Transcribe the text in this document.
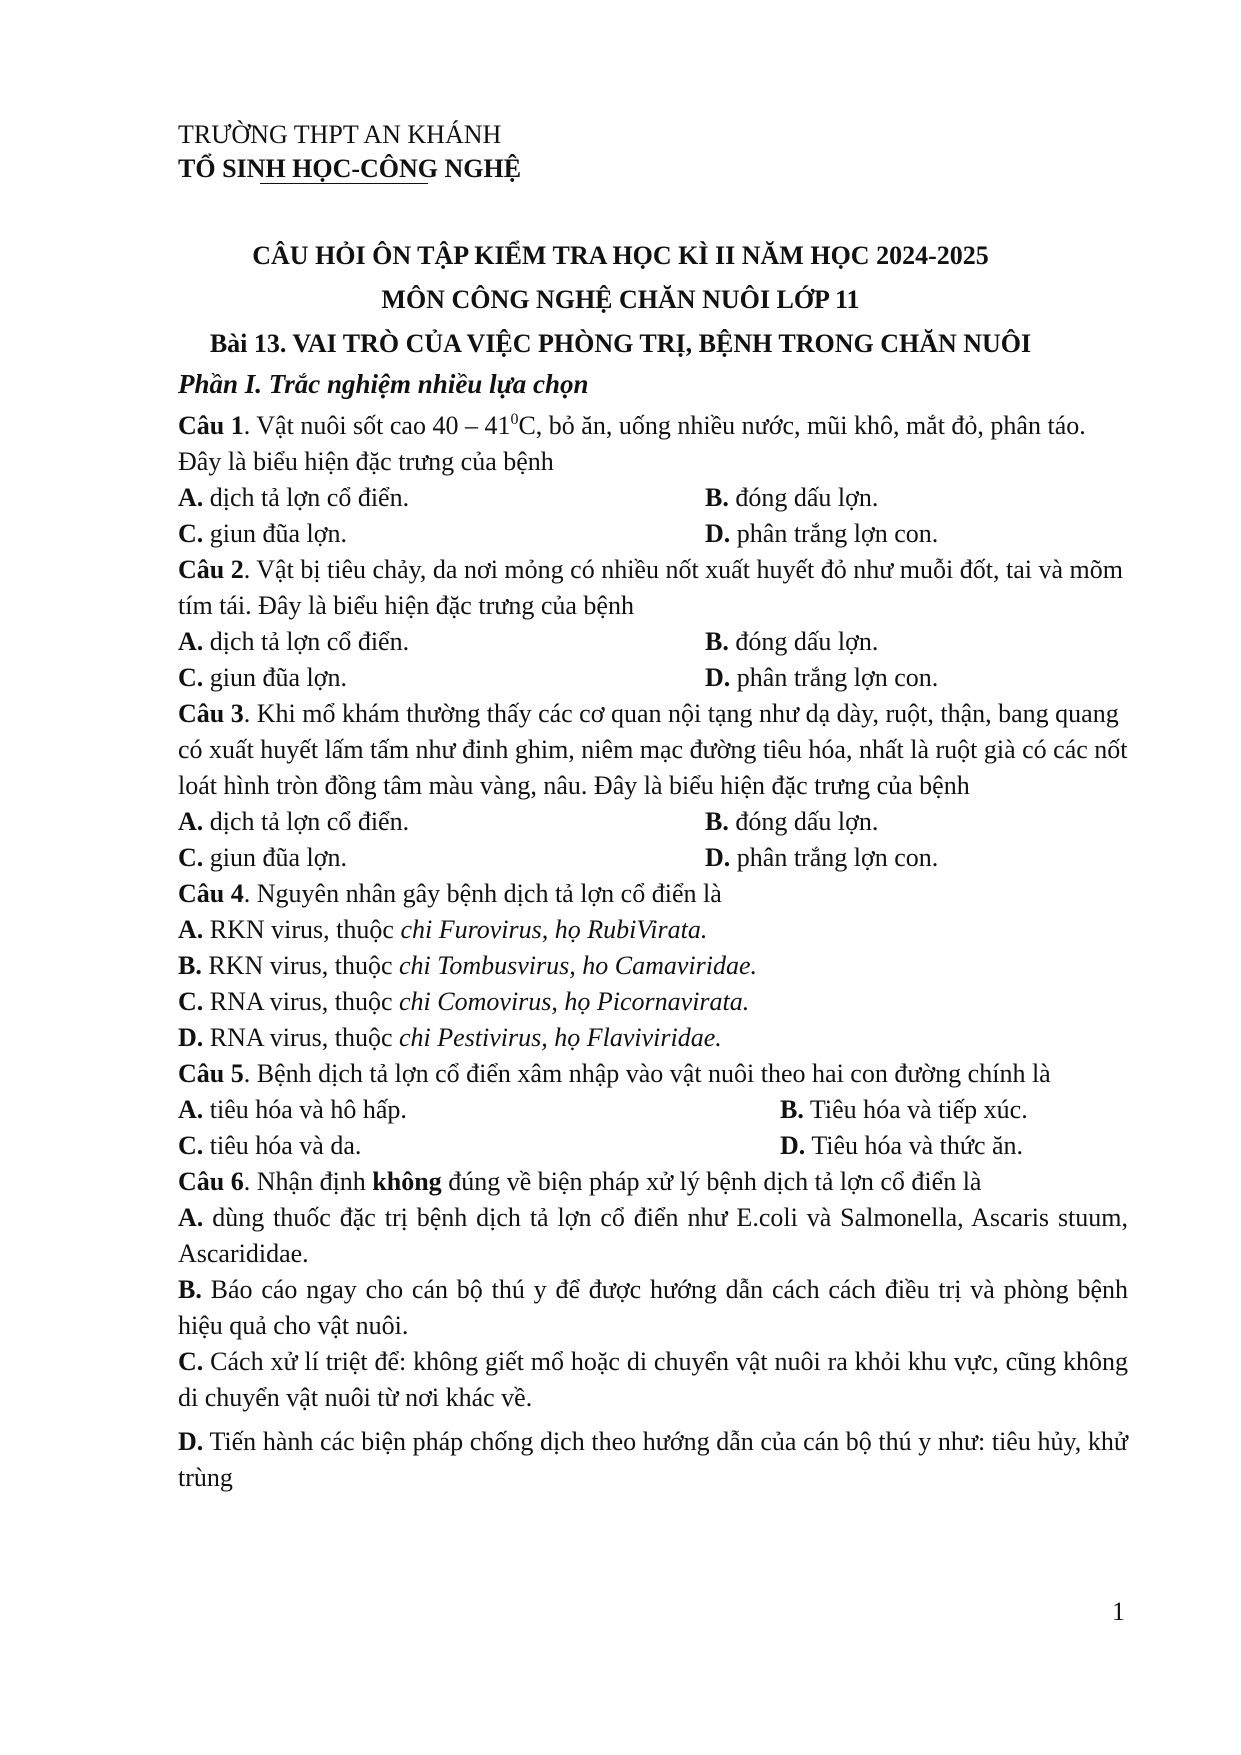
TRƯỜNG THPT AN KHÁNH
TỔ SINH HỌC-CÔNG NGHỆ
CÂU HỎI ÔN TẬP KIỂM TRA HỌC KÌ II NĂM HỌC 2024-2025
MÔN CÔNG NGHỆ CHĂN NUÔI LỚP 11
Bài 13. VAI TRÒ CỦA VIỆC PHÒNG TRỊ, BỆNH TRONG CHĂN NUÔI
Phần I. Trắc nghiệm nhiều lựa chọn
Câu 1. Vật nuôi sốt cao $40 - 41^0C$, bỏ ăn, uống nhiều nước, mũi khô, mắt đỏ, phân táo. Đây là biểu hiện đặc trưng của bệnh
A. dịch tả lợn cổ điển.	B. đóng dấu lợn.
C. giun đũa lợn.	D. phân trắng lợn con.
Câu 2. Vật bị tiêu chảy, da nơi mỏng có nhiều nốt xuất huyết đỏ như muỗi đốt, tai và mõm tím tái. Đây là biểu hiện đặc trưng của bệnh
A. dịch tả lợn cổ điển.	B. đóng dấu lợn.
C. giun đũa lợn.	D. phân trắng lợn con.
Câu 3. Khi mổ khám thường thấy các cơ quan nội tạng như dạ dày, ruột, thận, bang quang có xuất huyết lấm tấm như đinh ghim, niêm mạc đường tiêu hóa, nhất là ruột già có các nốt loát hình tròn đồng tâm màu vàng, nâu. Đây là biểu hiện đặc trưng của bệnh
A. dịch tả lợn cổ điển.	B. đóng dấu lợn.
C. giun đũa lợn.	D. phân trắng lợn con.
Câu 4. Nguyên nhân gây bệnh dịch tả lợn cổ điển là
A. RKN virus, thuộc chi Furovirus, họ RubiVirata.
B. RKN virus, thuộc chi Tombusvirus, ho Camaviridae.
C. RNA virus, thuộc chi Comovirus, họ Picornavirata.
D. RNA virus, thuộc chi Pestivirus, họ Flaviviridae.
Câu 5. Bệnh dịch tả lợn cổ điển xâm nhập vào vật nuôi theo hai con đường chính là
A. tiêu hóa và hô hấp.	B. Tiêu hóa và tiếp xúc.
C. tiêu hóa và da.	D. Tiêu hóa và thức ăn.
Câu 6. Nhận định không đúng về biện pháp xử lý bệnh dịch tả lợn cổ điển là
A. dùng thuốc đặc trị bệnh dịch tả lợn cổ điển như E.coli và Salmonella, Ascaris stuum, Ascarididae.
B. Báo cáo ngay cho cán bộ thú y để được hướng dẫn cách cách điều trị và phòng bệnh hiệu quả cho vật nuôi.
C. Cách xử lí triệt để: không giết mổ hoặc di chuyển vật nuôi ra khỏi khu vực, cũng không di chuyển vật nuôi từ nơi khác về.
D. Tiến hành các biện pháp chống dịch theo hướng dẫn của cán bộ thú y như: tiêu hủy, khử trùng
1
